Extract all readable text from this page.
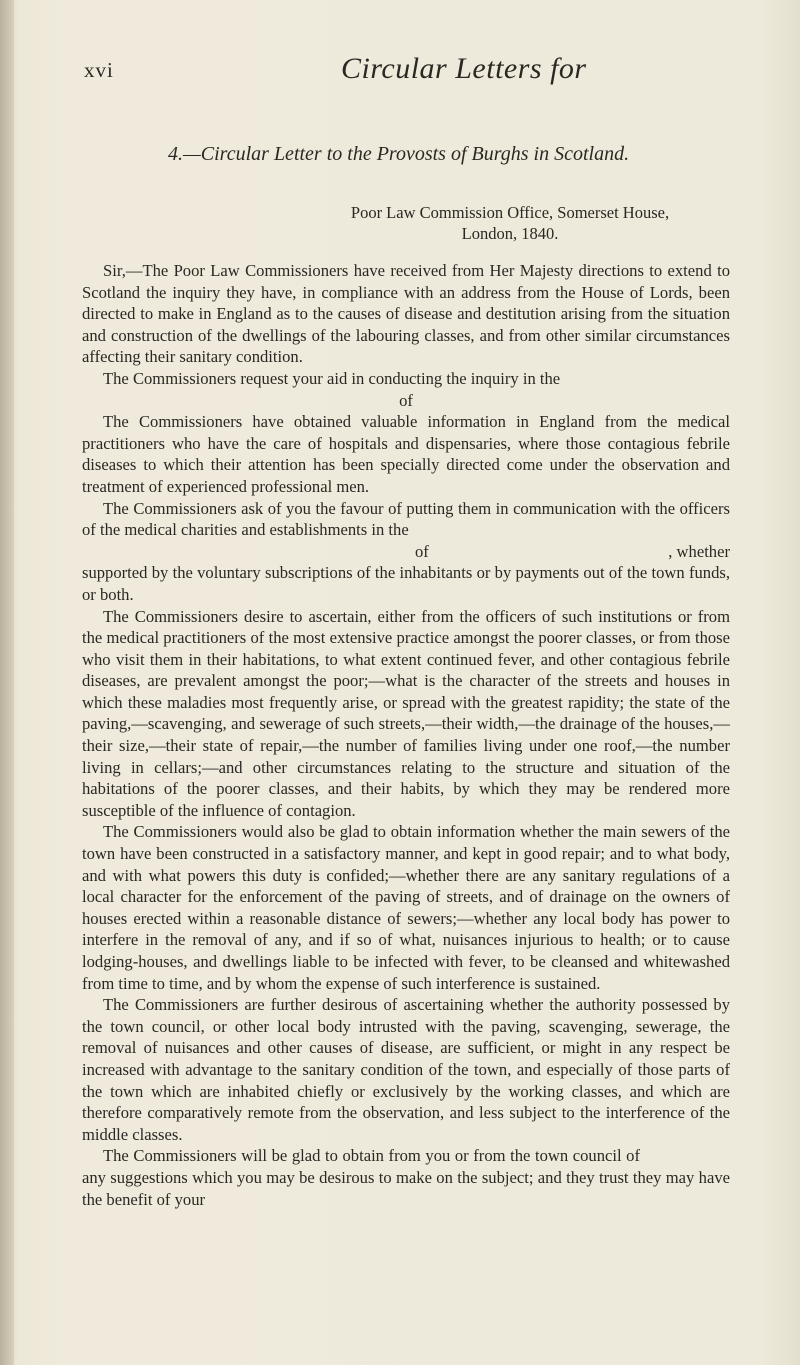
xvi	Circular Letters for
4.—Circular Letter to the Provosts of Burghs in Scotland.
Poor Law Commission Office, Somerset House,
London, 1840.

Sir,—The Poor Law Commissioners have received from Her Majesty directions to extend to Scotland the inquiry they have, in compliance with an address from the House of Lords, been directed to make in England as to the causes of disease and destitution arising from the situation and construction of the dwellings of the labouring classes, and from other similar circumstances affecting their sanitary condition.

The Commissioners request your aid in conducting the inquiry in the

of

The Commissioners have obtained valuable information in England from the medical practitioners who have the care of hospitals and dispensaries, where those contagious febrile diseases to which their attention has been specially directed come under the observation and treatment of experienced professional men.

The Commissioners ask of you the favour of putting them in communication with the officers of the medical charities and establishments in the

of	, whether

supported by the voluntary subscriptions of the inhabitants or by payments out of the town funds, or both.

The Commissioners desire to ascertain, either from the officers of such institutions or from the medical practitioners of the most extensive practice amongst the poorer classes, or from those who visit them in their habitations, to what extent continued fever, and other contagious febrile diseases, are prevalent amongst the poor;—what is the character of the streets and houses in which these maladies most frequently arise, or spread with the greatest rapidity; the state of the paving,—scavenging, and sewerage of such streets,—their width,—the drainage of the houses,—their size,—their state of repair,—the number of families living under one roof,—the number living in cellars;—and other circumstances relating to the structure and situation of the habitations of the poorer classes, and their habits, by which they may be rendered more susceptible of the influence of contagion.

The Commissioners would also be glad to obtain information whether the main sewers of the town have been constructed in a satisfactory manner, and kept in good repair; and to what body, and with what powers this duty is confided;—whether there are any sanitary regulations of a local character for the enforcement of the paving of streets, and of drainage on the owners of houses erected within a reasonable distance of sewers;—whether any local body has power to interfere in the removal of any, and if so of what, nuisances injurious to health; or to cause lodging-houses, and dwellings liable to be infected with fever, to be cleansed and whitewashed from time to time, and by whom the expense of such interference is sustained.

The Commissioners are further desirous of ascertaining whether the authority possessed by the town council, or other local body intrusted with the paving, scavenging, sewerage, the removal of nuisances and other causes of disease, are sufficient, or might in any respect be increased with advantage to the sanitary condition of the town, and especially of those parts of the town which are inhabited chiefly or exclusively by the working classes, and which are therefore comparatively remote from the observation, and less subject to the interference of the middle classes.

The Commissioners will be glad to obtain from you or from the town council ofany suggestions which you may be desirous to make on the subject; and they trust they may have the benefit of your
